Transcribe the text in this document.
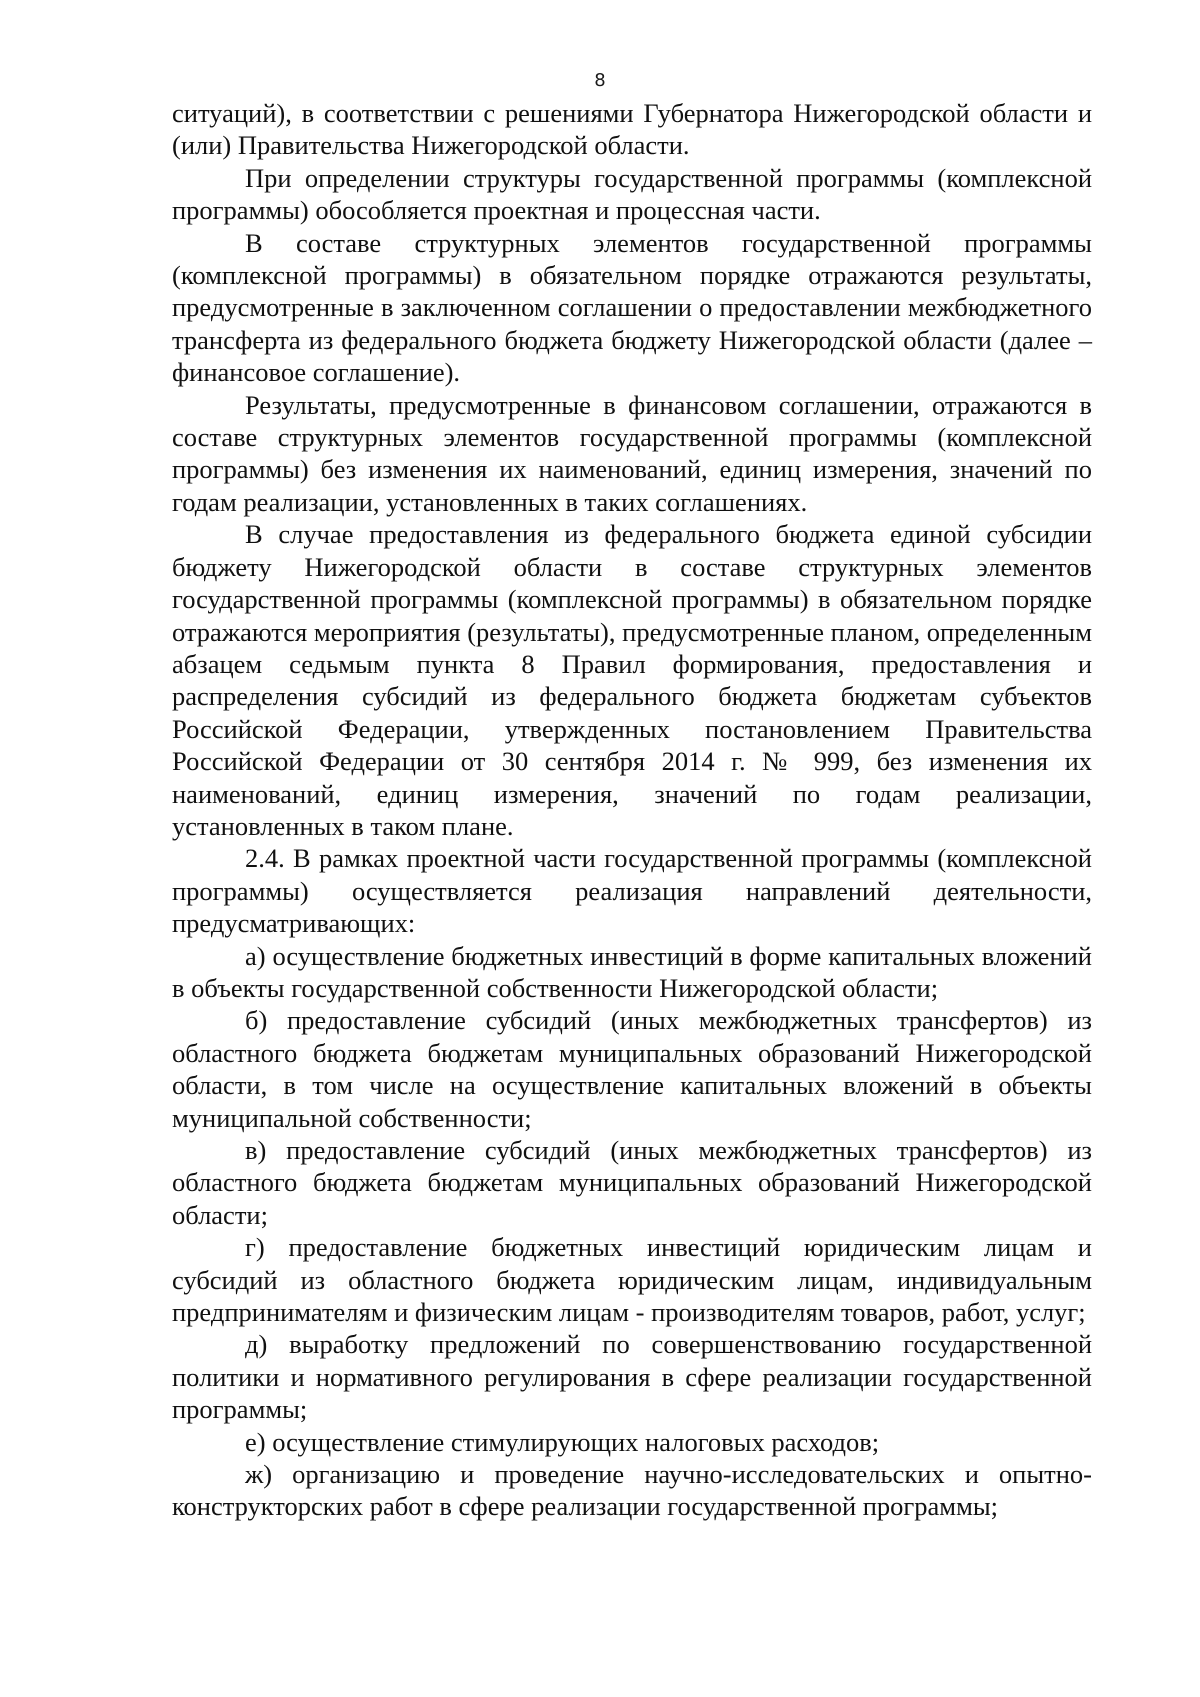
8

ситуаций), в соответствии с решениями Губернатора Нижегородской области и (или) Правительства Нижегородской области.

При определении структуры государственной программы (комплексной программы) обособляется проектная и процессная части.

В составе структурных элементов государственной программы (комплексной программы) в обязательном порядке отражаются результаты, предусмотренные в заключенном соглашении о предоставлении межбюджетного трансферта из федерального бюджета бюджету Нижегородской области (далее – финансовое соглашение).

Результаты, предусмотренные в финансовом соглашении, отражаются в составе структурных элементов государственной программы (комплексной программы) без изменения их наименований, единиц измерения, значений по годам реализации, установленных в таких соглашениях.

В случае предоставления из федерального бюджета единой субсидии бюджету Нижегородской области в составе структурных элементов государственной программы (комплексной программы) в обязательном порядке отражаются мероприятия (результаты), предусмотренные планом, определенным абзацем седьмым пункта 8 Правил формирования, предоставления и распределения субсидий из федерального бюджета бюджетам субъектов Российской Федерации, утвержденных постановлением Правительства Российской Федерации от 30 сентября 2014 г. № 999, без изменения их наименований, единиц измерения, значений по годам реализации, установленных в таком плане.

2.4. В рамках проектной части государственной программы (комплексной программы) осуществляется реализация направлений деятельности, предусматривающих:

а) осуществление бюджетных инвестиций в форме капитальных вложений в объекты государственной собственности Нижегородской области;

б) предоставление субсидий (иных межбюджетных трансфертов) из областного бюджета бюджетам муниципальных образований Нижегородской области, в том числе на осуществление капитальных вложений в объекты муниципальной собственности;

в) предоставление субсидий (иных межбюджетных трансфертов) из областного бюджета бюджетам муниципальных образований Нижегородской области;

г) предоставление бюджетных инвестиций юридическим лицам и субсидий из областного бюджета юридическим лицам, индивидуальным предпринимателям и физическим лицам - производителям товаров, работ, услуг;

д) выработку предложений по совершенствованию государственной политики и нормативного регулирования в сфере реализации государственной программы;

е) осуществление стимулирующих налоговых расходов;

ж) организацию и проведение научно-исследовательских и опытно-конструкторских работ в сфере реализации государственной программы;
